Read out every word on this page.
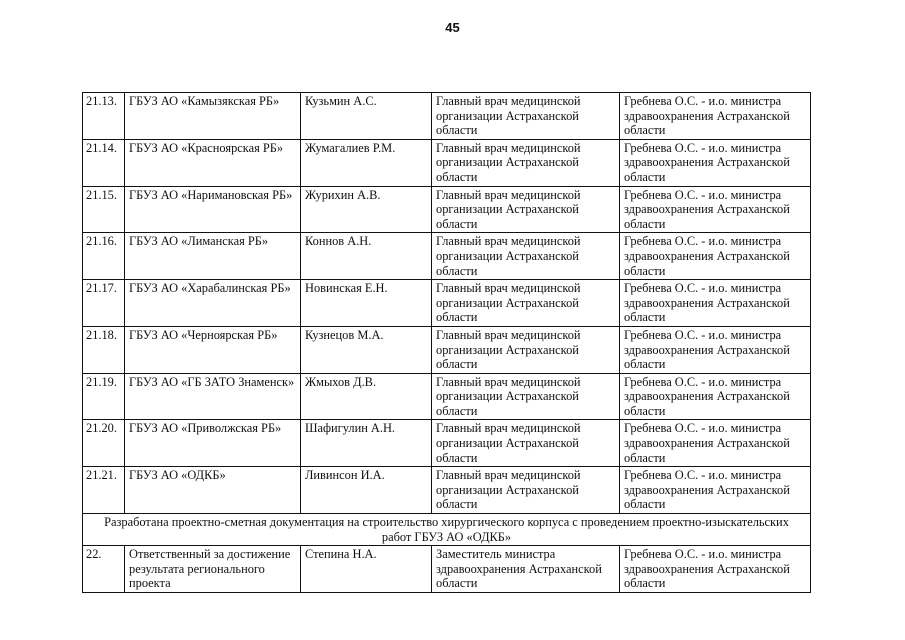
45
21.13.	ГБУЗ АО «Камызякская РБ»	Кузьмин А.С.	Главный врач медицинской организации Астраханской области	Гребнева О.С. - и.о. министра здравоохранения Астраханской области
21.14.	ГБУЗ АО «Красноярская РБ»	Жумагалиев Р.М.	Главный врач медицинской организации Астраханской области	Гребнева О.С. - и.о. министра здравоохранения Астраханской области
21.15.	ГБУЗ АО «Наримановская РБ»	Журихин А.В.	Главный врач медицинской организации Астраханской области	Гребнева О.С. - и.о. министра здравоохранения Астраханской области
21.16.	ГБУЗ АО «Лиманская РБ»	Коннов А.Н.	Главный врач медицинской организации Астраханской области	Гребнева О.С. - и.о. министра здравоохранения Астраханской области
21.17.	ГБУЗ АО «Харабалинская РБ»	Новинская Е.Н.	Главный врач медицинской организации Астраханской области	Гребнева О.С. - и.о. министра здравоохранения Астраханской области
21.18.	ГБУЗ АО «Черноярская РБ»	Кузнецов М.А.	Главный врач медицинской организации Астраханской области	Гребнева О.С. - и.о. министра здравоохранения Астраханской области
21.19.	ГБУЗ АО «ГБ ЗАТО Знаменск»	Жмыхов Д.В.	Главный врач медицинской организации Астраханской области	Гребнева О.С. - и.о. министра здравоохранения Астраханской области
21.20.	ГБУЗ АО «Приволжская РБ»	Шафигулин А.Н.	Главный врач медицинской организации Астраханской области	Гребнева О.С. - и.о. министра здравоохранения Астраханской области
21.21.	ГБУЗ АО «ОДКБ»	Ливинсон И.А.	Главный врач медицинской организации Астраханской области	Гребнева О.С. - и.о. министра здравоохранения Астраханской области
Разработана проектно-сметная документация на строительство хирургического корпуса с проведением проектно-изыскательских работ ГБУЗ АО «ОДКБ»				
22.	Ответственный за достижение результата регионального проекта	Степина Н.А.	Заместитель министра здравоохранения Астраханской области	Гребнева О.С. - и.о. министра здравоохранения Астраханской области
